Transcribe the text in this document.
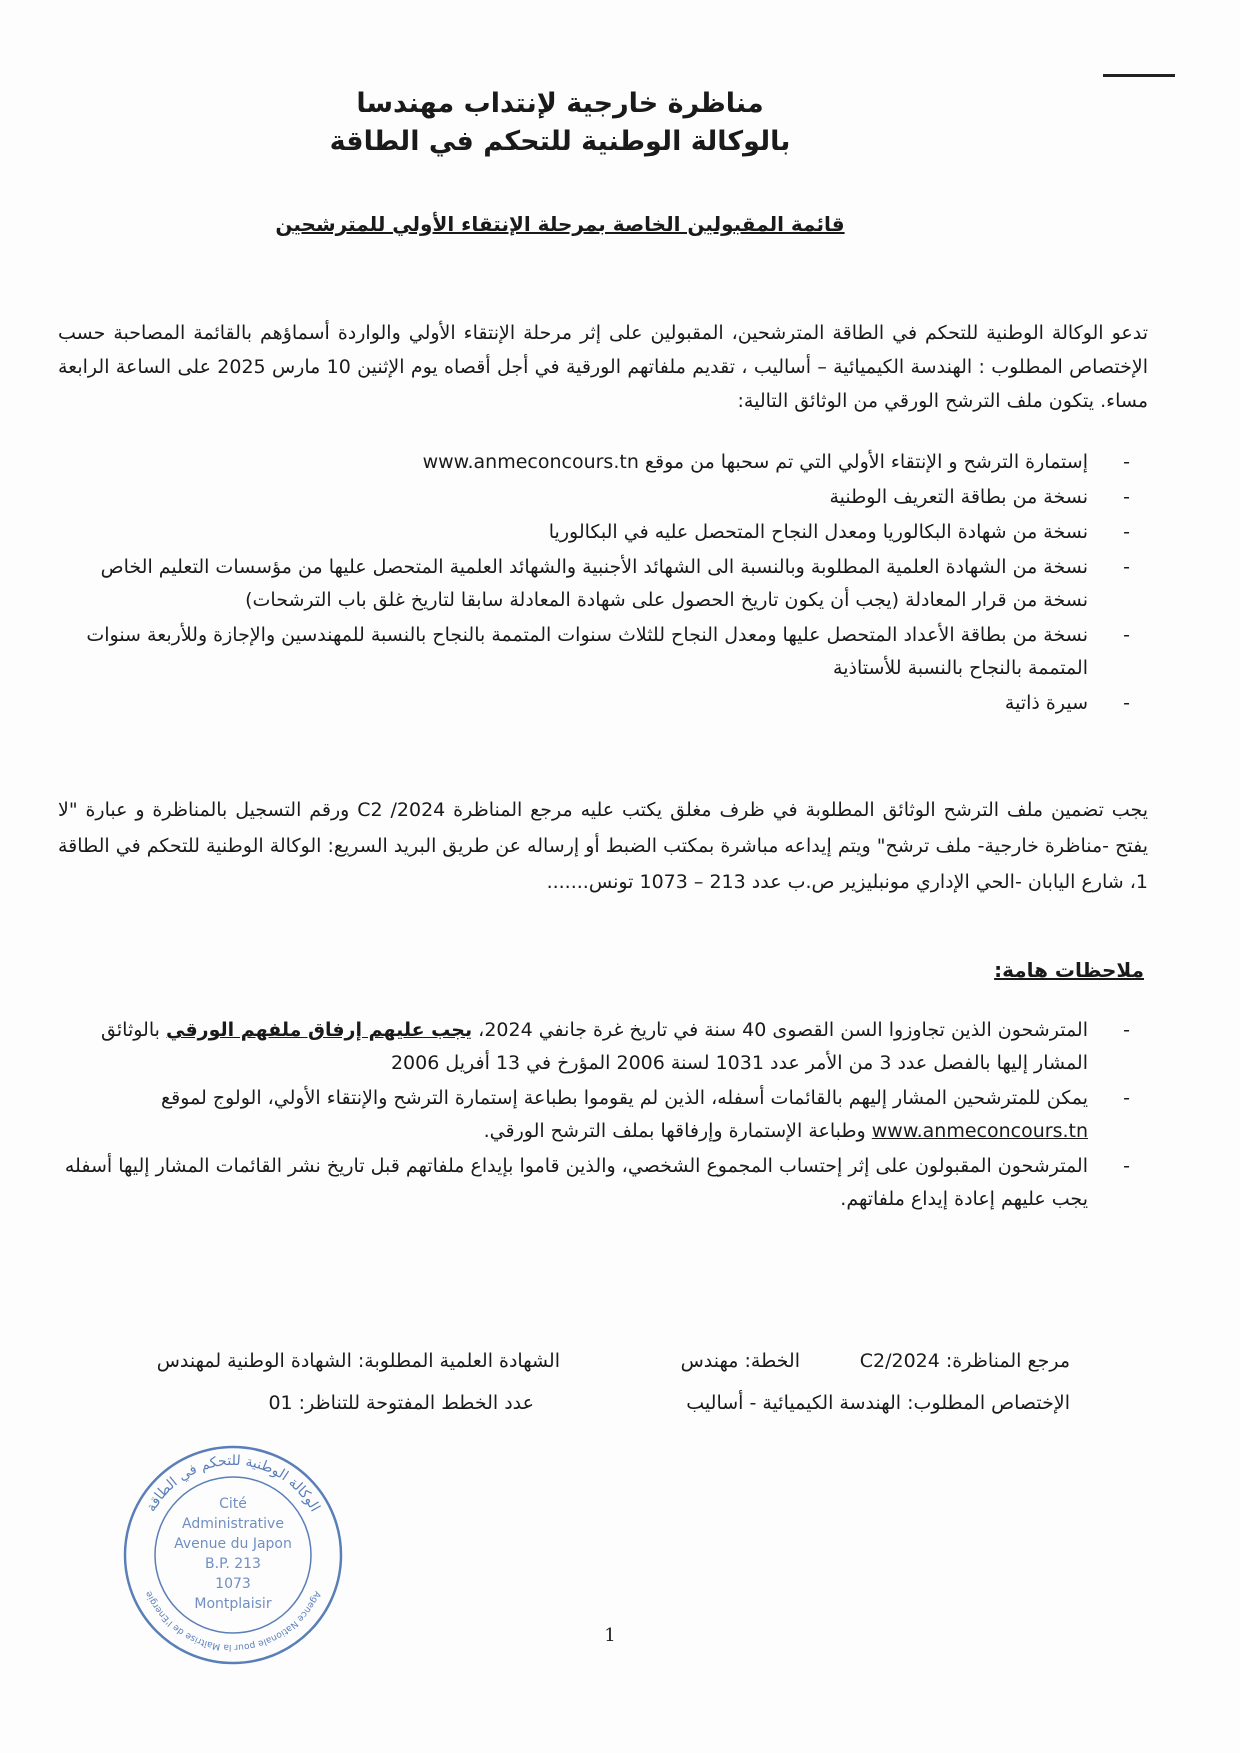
مناظرة خارجية لإنتداب مهندسا
بالوكالة الوطنية للتحكم في الطاقة
قائمة المقبولين الخاصة بمرحلة الإنتقاء الأولي للمترشحين
تدعو الوكالة الوطنية للتحكم في الطاقة المترشحين، المقبولين على إثر مرحلة الإنتقاء الأولي والواردة أسماؤهم بالقائمة المصاحبة حسب الإختصاص المطلوب : الهندسة الكيميائية – أساليب ، تقديم ملفاتهم الورقية في أجل أقصاه يوم الإثنين 10 مارس 2025 على الساعة الرابعة مساء. يتكون ملف الترشح الورقي من الوثائق التالية:
-
إستمارة الترشح و الإنتقاء الأولي التي تم سحبها من موقع www.anmeconcours.tn
-
نسخة من بطاقة التعريف الوطنية
-
نسخة من شهادة البكالوريا ومعدل النجاح المتحصل عليه في البكالوريا
-
نسخة من الشهادة العلمية المطلوبة وبالنسبة الى الشهائد الأجنبية والشهائد العلمية المتحصل عليها من مؤسسات التعليم الخاص نسخة من قرار المعادلة (يجب أن يكون تاريخ الحصول على شهادة المعادلة سابقا لتاريخ غلق باب الترشحات)
-
نسخة من بطاقة الأعداد المتحصل عليها ومعدل النجاح للثلاث سنوات المتممة بالنجاح بالنسبة للمهندسين والإجازة وللأربعة سنوات المتممة بالنجاح بالنسبة للأستاذية
-
سيرة ذاتية
يجب تضمين ملف الترشح الوثائق المطلوبة في ظرف مغلق يكتب عليه مرجع المناظرة C2 /2024 ورقم التسجيل بالمناظرة و عبارة "لا يفتح -مناظرة خارجية- ملف ترشح" ويتم إيداعه مباشرة بمكتب الضبط أو إرساله عن طريق البريد السريع: الوكالة الوطنية للتحكم في الطاقة 1، شارع اليابان -الحي الإداري مونبليزير ص.ب عدد 213 – 1073 تونس.......
ملاحظات هامة:
-
المترشحون الذين تجاوزوا السن القصوى 40 سنة في تاريخ غرة جانفي 2024، يجب عليهم إرفاق ملفهم الورقي بالوثائق المشار إليها بالفصل عدد 3 من الأمر عدد 1031 لسنة 2006 المؤرخ في 13 أفريل 2006
-
يمكن للمترشحين المشار إليهم بالقائمات أسفله، الذين لم يقوموا بطباعة إستمارة الترشح والإنتقاء الأولي، الولوج لموقع www.anmeconcours.tn وطباعة الإستمارة وإرفاقها بملف الترشح الورقي.
-
المترشحون المقبولون على إثر إحتساب المجموع الشخصي، والذين قاموا بإيداع ملفاتهم قبل تاريخ نشر القائمات المشار إليها أسفله يجب عليهم إعادة إيداع ملفاتهم.
مرجع المناظرة: C2/2024
الخطة: مهندس
الشهادة العلمية المطلوبة: الشهادة الوطنية لمهندس
الإختصاص المطلوب: الهندسة الكيميائية - أساليب
عدد الخطط المفتوحة للتناظر: 01
الوكالة الوطنية للتحكم في الطاقة
Agence Nationale pour la Maîtrise de l'Energie
Cité
Administrative
Avenue du Japon
B.P. 213
1073
Montplaisir
1
